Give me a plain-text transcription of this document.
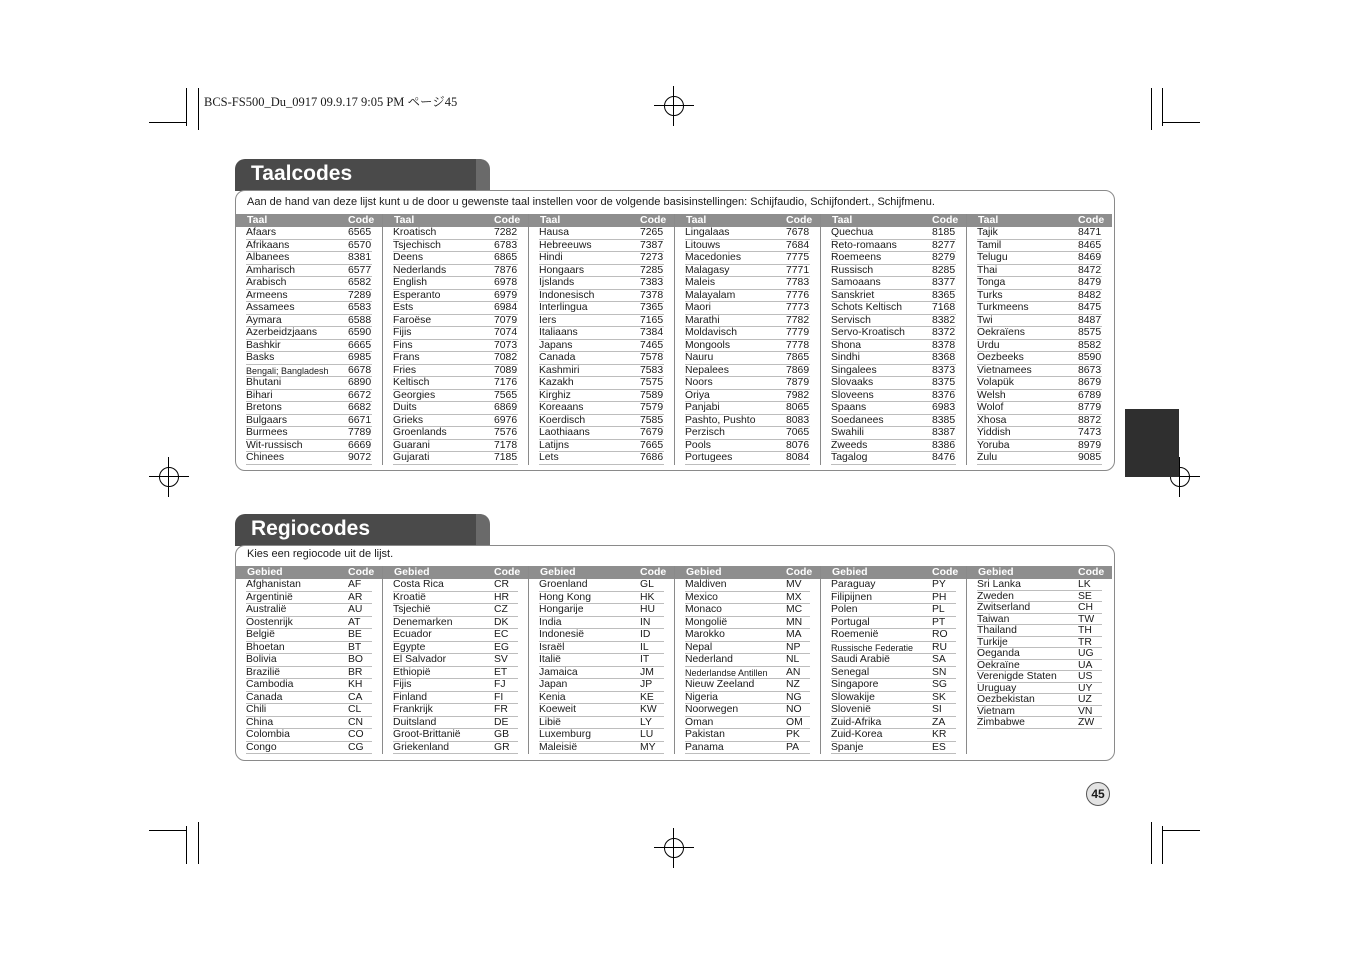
BCS-FS500_Du_0917 09.9.17 9:05 PM ページ45
Taalcodes
Aan de hand van deze lijst kunt u de door u gewenste taal instellen voor de volgende basisinstellingen: Schijfaudio, Schijfondert., Schijfmenu.
Taal	Code
Afaars	6565
Afrikaans	6570
Albanees	8381
Amharisch	6577
Arabisch	6582
Armeens	7289
Assamees	6583
Aymara	6588
Azerbeidzjaans	6590
Bashkir	6665
Basks	6985
Bengali; Bangladesh 6678
Bhutani	6890
Bihari	6672
Bretons	6682
Bulgaars	6671
Burmees	7789
Wit-russisch	6669
Chinees	9072
Taal	Code
Kroatisch	7282
Tsjechisch	6783
Deens	6865
Nederlands	7876
English	6978
Esperanto	6979
Ests	6984
Faroëse	7079
Fijis	7074
Fins	7073
Frans	7082
Fries	7089
Keltisch	7176
Georgies	7565
Duits	6869
Grieks	6976
Groenlands	7576
Guarani	7178
Gujarati	7185
Taal	Code
Hausa	7265
Hebreeuws	7387
Hindi	7273
Hongaars	7285
Ijslands	7383
Indonesisch	7378
Interlingua	7365
Iers	7165
Italiaans	7384
Japans	7465
Canada	7578
Kashmiri	7583
Kazakh	7575
Kirghiz	7589
Koreaans	7579
Koerdisch	7585
Laothiaans	7679
Latijns	7665
Lets	7686
Taal	Code
Lingalaas	7678
Litouws	7684
Macedonies	7775
Malagasy	7771
Maleis	7783
Malayalam	7776
Maori	7773
Marathi	7782
Moldavisch	7779
Mongools	7778
Nauru	7865
Nepalees	7869
Noors	7879
Oriya	7982
Panjabi	8065
Pashto, Pushto	8083
Perzisch	7065
Pools	8076
Portugees	8084
Taal	Code
Quechua	8185
Reto-romaans	8277
Roemeens	8279
Russisch	8285
Samoaans	8377
Sanskriet	8365
Schots Keltisch	7168
Servisch	8382
Servo-Kroatisch	8372
Shona	8378
Sindhi	8368
Singalees	8373
Slovaaks	8375
Sloveens	8376
Spaans	6983
Soedanees	8385
Swahili	8387
Zweeds	8386
Tagalog	8476
Taal	Code
Tajik	8471
Tamil	8465
Telugu	8469
Thai	8472
Tonga	8479
Turks	8482
Turkmeens	8475
Twi	8487
Oekraïens	8575
Urdu	8582
Oezbeeks	8590
Vietnamees	8673
Volapük	8679
Welsh	6789
Wolof	8779
Xhosa	8872
Yiddish	7473
Yoruba	8979
Zulu	9085
Regiocodes
Kies een regiocode uit de lijst.
Gebied	Code
Afghanistan	AF
Argentinië	AR
Australië	AU
Oostenrijk	AT
België	BE
Bhoetan	BT
Bolivia	BO
Brazilië	BR
Cambodia	KH
Canada	CA
Chili	CL
China	CN
Colombia	CO
Congo	CG
Gebied	Code
Costa Rica	CR
Kroatië	HR
Tsjechië	CZ
Denemarken	DK
Ecuador	EC
Egypte	EG
El Salvador	SV
Ethiopië	ET
Fijis	FJ
Finland	FI
Frankrijk	FR
Duitsland	DE
Groot-Brittanië	GB
Griekenland	GR
Gebied	Code
Groenland	GL
Hong Kong	HK
Hongarije	HU
India	IN
Indonesië	ID
Israël	IL
Italië	IT
Jamaica	JM
Japan	JP
Kenia	KE
Koeweit	KW
Libië	LY
Luxemburg	LU
Maleisië	MY
Gebied	Code
Maldiven	MV
Mexico	MX
Monaco	MC
Mongolië	MN
Marokko	MA
Nepal	NP
Nederland	NL
Nederlandse Antillen AN
Nieuw Zeeland	NZ
Nigeria	NG
Noorwegen	NO
Oman	OM
Pakistan	PK
Panama	PA
Gebied	Code
Paraguay	PY
Filipijnen	PH
Polen	PL
Portugal	PT
Roemenië	RO
Russische Federatie RU
Saudi Arabië	SA
Senegal	SN
Singapore	SG
Slowakije	SK
Slovenië	SI
Zuid-Afrika	ZA
Zuid-Korea	KR
Spanje	ES
Gebied	Code
Sri Lanka	LK
Zweden	SE
Zwitserland	CH
Taiwan	TW
Thailand	TH
Turkije	TR
Oeganda	UG
Oekraïne	UA
Verenigde Staten US
Uruguay	UY
Oezbekistan	UZ
Vietnam	VN
Zimbabwe	ZW
45
